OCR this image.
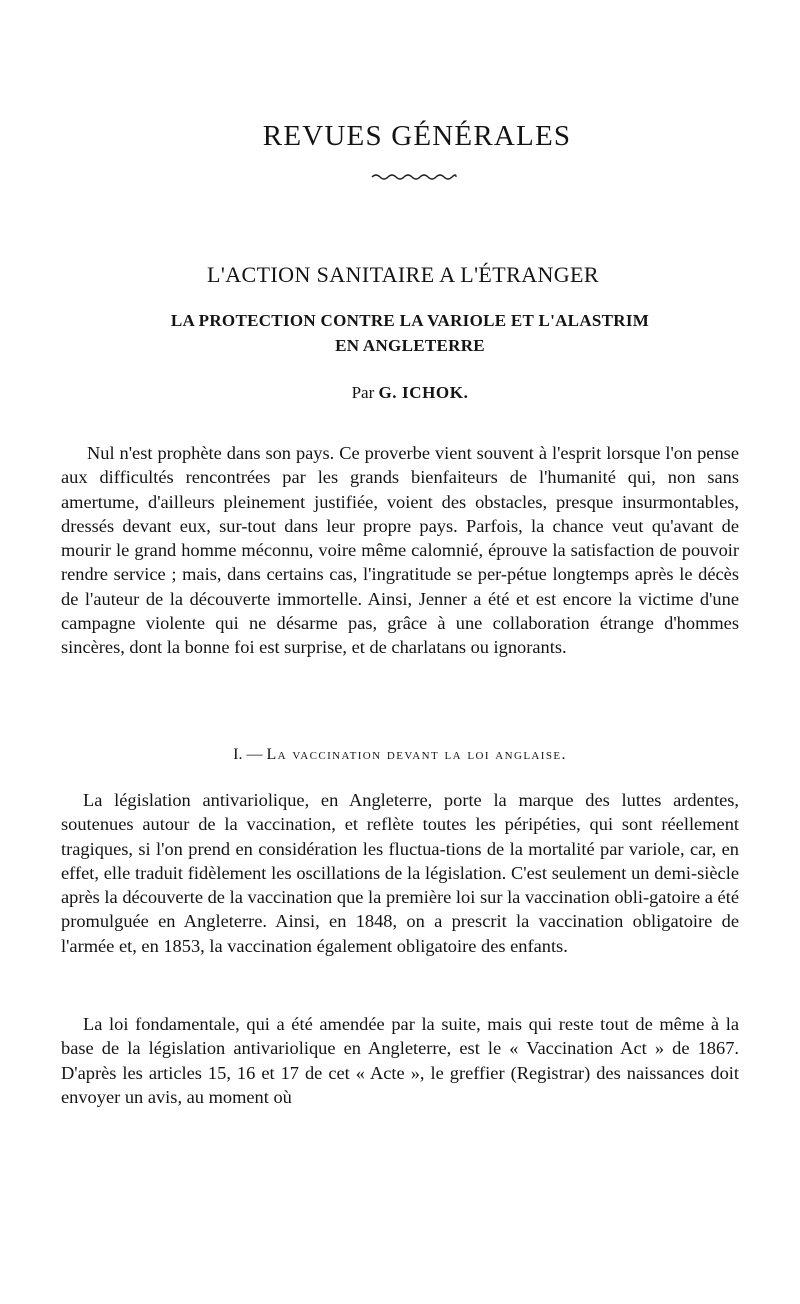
REVUES GÉNÉRALES
L'ACTION SANITAIRE A L'ÉTRANGER

LA PROTECTION CONTRE LA VARIOLE ET L'ALASTRIM

EN ANGLETERRE

Par G. ICHOK.

Nul n'est prophète dans son pays. Ce proverbe vient souvent à l'esprit lorsque l'on pense aux difficultés rencontrées par les grands bienfaiteurs de l'humanité qui, non sans amertume, d'ailleurs pleinement justifiée, voient des obstacles, presque insurmontables, dressés devant eux, sur-tout dans leur propre pays. Parfois, la chance veut qu'avant de mourir le grand homme méconnu, voire même calomnié, éprouve la satisfaction de pouvoir rendre service ; mais, dans certains cas, l'ingratitude se per-pétue longtemps après le décès de l'auteur de la découverte immortelle. Ainsi, Jenner a été et est encore la victime d'une campagne violente qui ne désarme pas, grâce à une collaboration étrange d'hommes sincères, dont la bonne foi est surprise, et de charlatans ou ignorants.

I. — La vaccination devant la loi anglaise.

La législation antivariolique, en Angleterre, porte la marque des luttes ardentes, soutenues autour de la vaccination, et reflète toutes les péripéties, qui sont réellement tragiques, si l'on prend en considération les fluctua-tions de la mortalité par variole, car, en effet, elle traduit fidèlement les oscillations de la législation. C'est seulement un demi-siècle après la découverte de la vaccination que la première loi sur la vaccination obli-gatoire a été promulguée en Angleterre. Ainsi, en 1848, on a prescrit la vaccination obligatoire de l'armée et, en 1853, la vaccination également obligatoire des enfants.

La loi fondamentale, qui a été amendée par la suite, mais qui reste tout de même à la base de la législation antivariolique en Angleterre, est le « Vaccination Act » de 1867. D'après les articles 15, 16 et 17 de cet « Acte », le greffier (Registrar) des naissances doit envoyer un avis, au moment où
